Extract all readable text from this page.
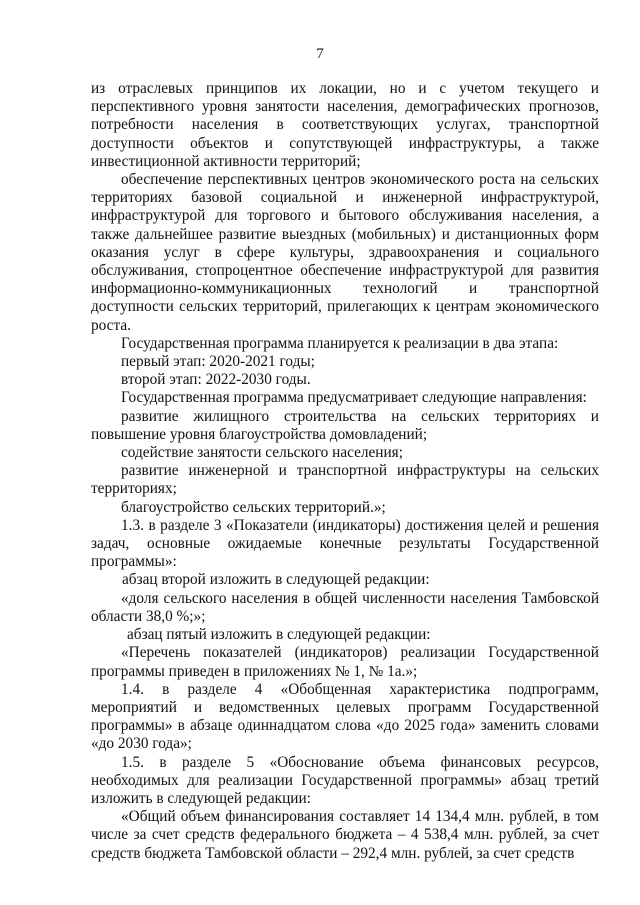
7

из отраслевых принципов их локации, но и с учетом текущего и перспективного уровня занятости населения, демографических прогнозов, потребности населения в соответствующих услугах, транспортной доступности объектов и сопутствующей инфраструктуры, а также инвестиционной активности территорий;

обеспечение перспективных центров экономического роста на сельских территориях базовой социальной и инженерной инфраструктурой, инфраструктурой для торгового и бытового обслуживания населения, а также дальнейшее развитие выездных (мобильных) и дистанционных форм оказания услуг в сфере культуры, здравоохранения и социального обслуживания, стопроцентное обеспечение инфраструктурой для развития информационно-коммуникационных технологий и транспортной доступности сельских территорий, прилегающих к центрам экономического роста.

Государственная программа планируется к реализации в два этапа:

первый этап: 2020-2021 годы;

второй этап: 2022-2030 годы.

Государственная программа предусматривает следующие направления:

развитие жилищного строительства на сельских территориях и повышение уровня благоустройства домовладений;

содействие занятости сельского населения;

развитие инженерной и транспортной инфраструктуры на сельских территориях;

благоустройство сельских территорий.»;

1.3. в разделе 3 «Показатели (индикаторы) достижения целей и решения задач, основные ожидаемые конечные результаты Государственной программы»:

абзац второй изложить в следующей редакции:

«доля сельского населения в общей численности населения Тамбовской области 38,0 %;»;

абзац пятый изложить в следующей редакции:

«Перечень показателей (индикаторов) реализации Государственной программы приведен в приложениях № 1, № 1а.»;

1.4. в разделе 4 «Обобщенная характеристика подпрограмм, мероприятий и ведомственных целевых программ Государственной программы» в абзаце одиннадцатом слова «до 2025 года» заменить словами «до 2030 года»;

1.5. в разделе 5 «Обоснование объема финансовых ресурсов, необходимых для реализации Государственной программы» абзац третий изложить в следующей редакции:

«Общий объем финансирования составляет 14 134,4 млн. рублей, в том числе за счет средств федерального бюджета – 4 538,4 млн. рублей, за счет средств бюджета Тамбовской области – 292,4 млн. рублей, за счет средств
